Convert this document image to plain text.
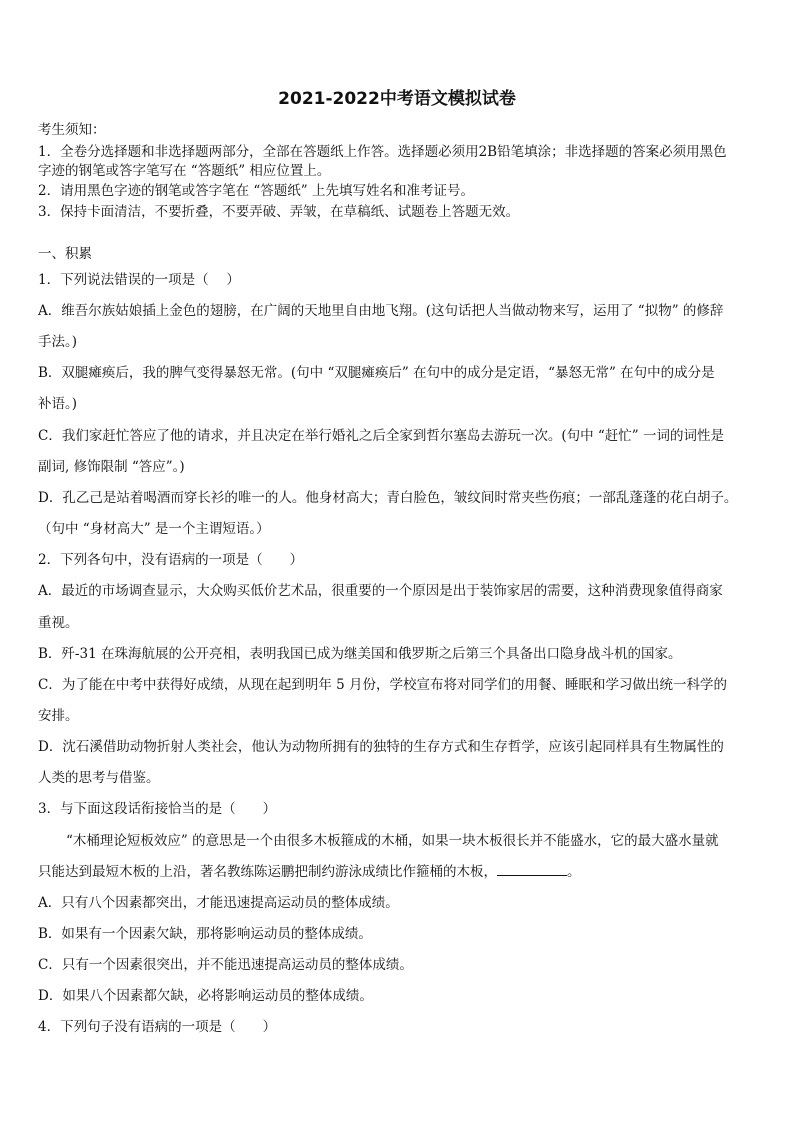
2021-2022中考语文模拟试卷
考生须知：
1．全卷分选择题和非选择题两部分，全部在答题纸上作答。选择题必须用2B铅笔填涂；非选择题的答案必须用黑色
字迹的钢笔或答字笔写在 “答题纸” 相应位置上。
2．请用黑色字迹的钢笔或答字笔在 “答题纸” 上先填写姓名和准考证号。
3．保持卡面清洁，不要折叠，不要弄破、弄皱，在草稿纸、试题卷上答题无效。
一、积累
1．下列说法错误的一项是（　 ）
A．维吾尔族姑娘插上金色的翅膀，在广阔的天地里自由地飞翔。(这句话把人当做动物来写，运用了 “拟物” 的修辞
手法。)
B．双腿瘫痪后，我的脾气变得暴怒无常。(句中 “双腿瘫痪后” 在句中的成分是定语，“暴怒无常” 在句中的成分是
补语。)
C．我们家赶忙答应了他的请求，并且决定在举行婚礼之后全家到哲尔塞岛去游玩一次。(句中 “赶忙” 一词的词性是
副词, 修饰限制 “答应”。)
D．孔乙己是站着喝酒而穿长衫的唯一的人。他身材高大；青白脸色，皱纹间时常夹些伤痕；一部乱蓬蓬的花白胡子。
（句中 “身材高大” 是一个主谓短语。）
2．下列各句中，没有语病的一项是（　　）
A．最近的市场调查显示，大众购买低价艺术品，很重要的一个原因是出于装饰家居的需要，这种消费现象值得商家
重视。
B．歼-31 在珠海航展的公开亮相，表明我国已成为继美国和俄罗斯之后第三个具备出口隐身战斗机的国家。
C．为了能在中考中获得好成绩，从现在起到明年 5 月份，学校宣布将对同学们的用餐、睡眠和学习做出统一科学的
安排。
D．沈石溪借助动物折射人类社会，他认为动物所拥有的独特的生存方式和生存哲学，应该引起同样具有生物属性的
人类的思考与借鉴。
3．与下面这段话衔接恰当的是（　　）
“木桶理论短板效应” 的意思是一个由很多木板箍成的木桶，如果一块木板很长并不能盛水，它的最大盛水量就
只能达到最短木板的上沿，著名教练陈运鹏把制约游泳成绩比作箍桶的木板，	。
A．只有八个因素都突出，才能迅速提高运动员的整体成绩。
B．如果有一个因素欠缺，那将影响运动员的整体成绩。
C．只有一个因素很突出，并不能迅速提高运动员的整体成绩。
D．如果八个因素都欠缺，必将影响运动员的整体成绩。
4．下列句子没有语病的一项是（　　）
